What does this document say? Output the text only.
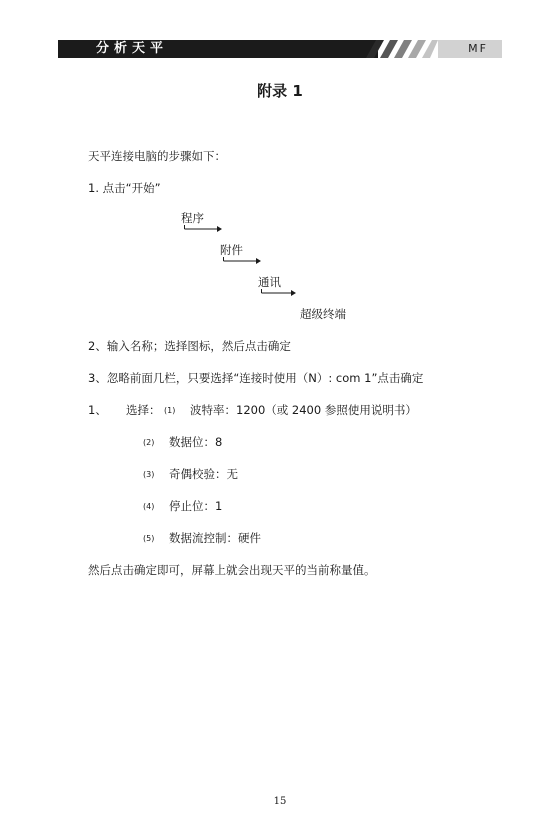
分析天平	MF
附录 1
天平连接电脑的步骤如下：
1. 点击“开始”
程序
附件
通讯
超级终端
2、输入名称；选择图标，然后点击确定
3、忽略前面几栏，只要选择“连接时使用（N）: com 1”点击确定
1、 选择： (1) 波特率：1200（或 2400 参照使用说明书）
(2) 数据位：8
(3) 奇偶校验：无
(4) 停止位：1
(5) 数据流控制：硬件
然后点击确定即可，屏幕上就会出现天平的当前称量值。
15
